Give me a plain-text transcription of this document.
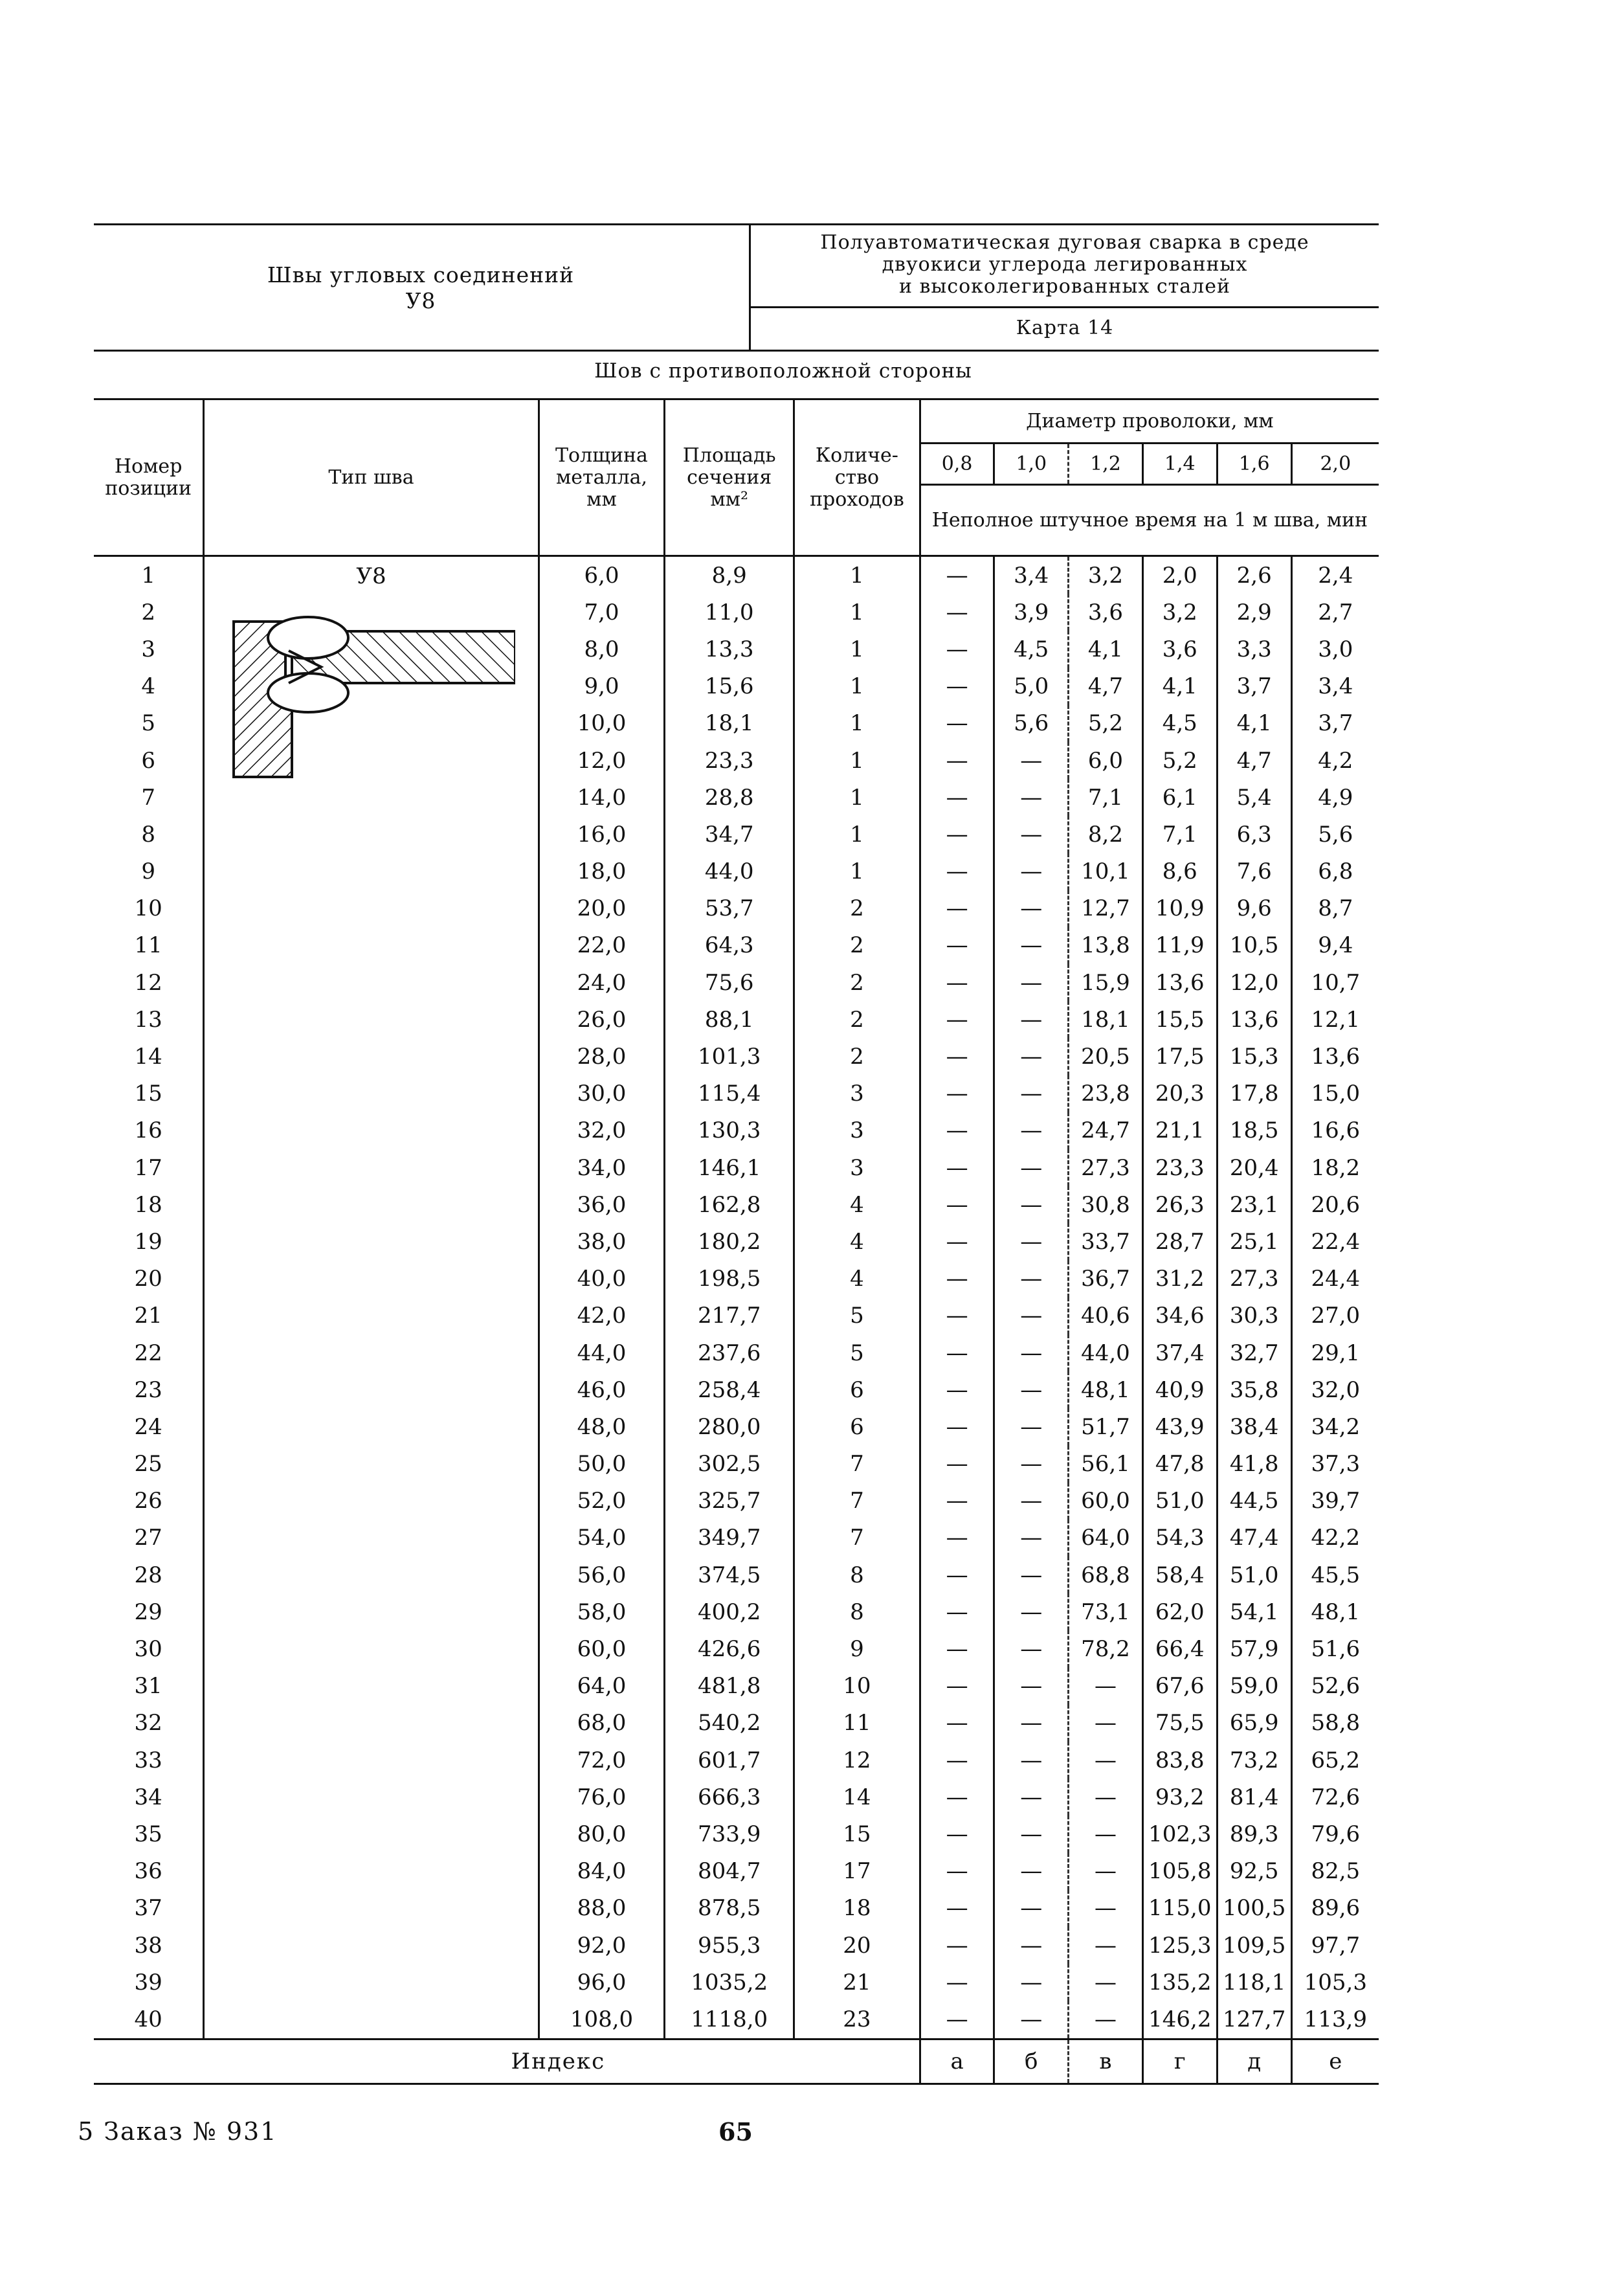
Швы угловых соединений
У8
Полуавтоматическая дуговая сварка в среде
двуокиси углерода легированных
и высоколегированных сталей
Карта 14
Шов с противоположной стороны
Номер позиции	Тип шва	Толщина металла, мм	Площадь сечения мм²	Количе-ство проходов	Диаметр проволоки, мм					
					0,8	1,0	1,2	1,4	1,6	2,0
					Неполное штучное время на 1 м шва, мин					
1	У8	6,0	8,9	1	—	3,4	3,2	2,0	2,6	2,4
2		7,0	11,0	1	—	3,9	3,6	3,2	2,9	2,7
3		8,0	13,3	1	—	4,5	4,1	3,6	3,3	3,0
4		9,0	15,6	1	—	5,0	4,7	4,1	3,7	3,4
5		10,0	18,1	1	—	5,6	5,2	4,5	4,1	3,7
6		12,0	23,3	1	—	—	6,0	5,2	4,7	4,2
7		14,0	28,8	1	—	—	7,1	6,1	5,4	4,9
8		16,0	34,7	1	—	—	8,2	7,1	6,3	5,6
9		18,0	44,0	1	—	—	10,1	8,6	7,6	6,8
10		20,0	53,7	2	—	—	12,7	10,9	9,6	8,7
11		22,0	64,3	2	—	—	13,8	11,9	10,5	9,4
12		24,0	75,6	2	—	—	15,9	13,6	12,0	10,7
13		26,0	88,1	2	—	—	18,1	15,5	13,6	12,1
14		28,0	101,3	2	—	—	20,5	17,5	15,3	13,6
15		30,0	115,4	3	—	—	23,8	20,3	17,8	15,0
16		32,0	130,3	3	—	—	24,7	21,1	18,5	16,6
17		34,0	146,1	3	—	—	27,3	23,3	20,4	18,2
18		36,0	162,8	4	—	—	30,8	26,3	23,1	20,6
19		38,0	180,2	4	—	—	33,7	28,7	25,1	22,4
20		40,0	198,5	4	—	—	36,7	31,2	27,3	24,4
21		42,0	217,7	5	—	—	40,6	34,6	30,3	27,0
22		44,0	237,6	5	—	—	44,0	37,4	32,7	29,1
23		46,0	258,4	6	—	—	48,1	40,9	35,8	32,0
24		48,0	280,0	6	—	—	51,7	43,9	38,4	34,2
25		50,0	302,5	7	—	—	56,1	47,8	41,8	37,3
26		52,0	325,7	7	—	—	60,0	51,0	44,5	39,7
27		54,0	349,7	7	—	—	64,0	54,3	47,4	42,2
28		56,0	374,5	8	—	—	68,8	58,4	51,0	45,5
29		58,0	400,2	8	—	—	73,1	62,0	54,1	48,1
30		60,0	426,6	9	—	—	78,2	66,4	57,9	51,6
31		64,0	481,8	10	—	—	—	67,6	59,0	52,6
32		68,0	540,2	11	—	—	—	75,5	65,9	58,8
33		72,0	601,7	12	—	—	—	83,8	73,2	65,2
34		76,0	666,3	14	—	—	—	93,2	81,4	72,6
35		80,0	733,9	15	—	—	—	102,3	89,3	79,6
36		84,0	804,7	17	—	—	—	105,8	92,5	82,5
37		88,0	878,5	18	—	—	—	115,0	100,5	89,6
38		92,0	955,3	20	—	—	—	125,3	109,5	97,7
39		96,0	1035,2	21	—	—	—	135,2	118,1	105,3
40		108,0	1118,0	23	—	—	—	146,2	127,7	113,9
Индекс					а	б	в	г	д	е
5 Заказ № 931	65
